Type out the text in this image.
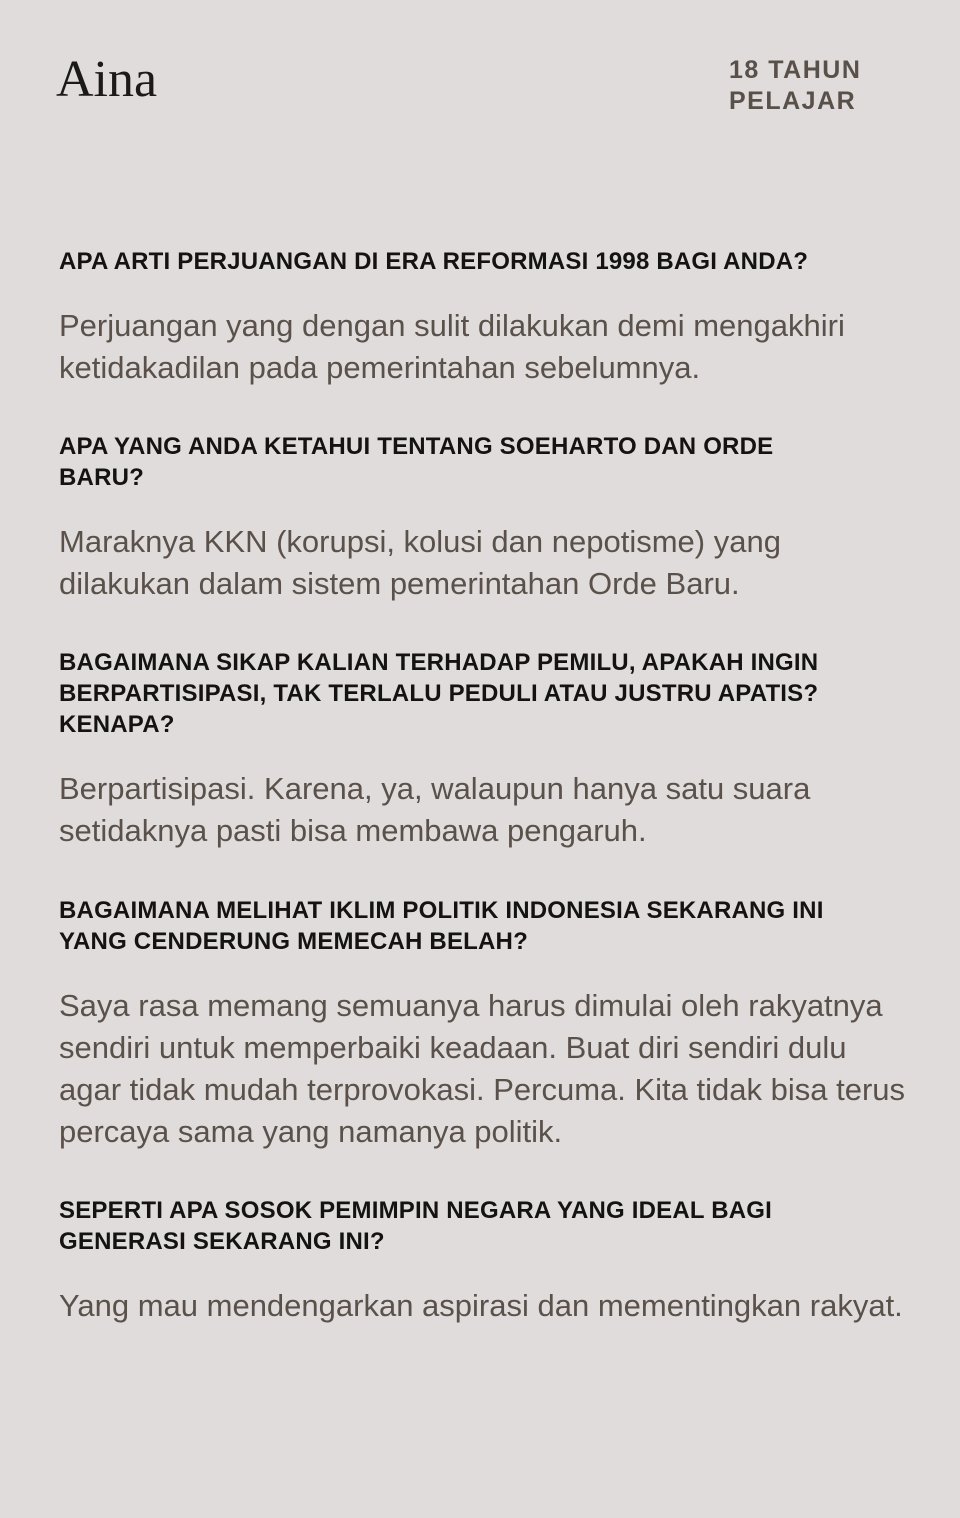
Aina	18 TAHUN
PELAJAR

APA ARTI PERJUANGAN DI ERA REFORMASI 1998 BAGI ANDA?

Perjuangan yang dengan sulit dilakukan demi mengakhiri ketidakadilan pada pemerintahan sebelumnya.

APA YANG ANDA KETAHUI TENTANG SOEHARTO DAN ORDE BARU?

Maraknya KKN (korupsi, kolusi dan nepotisme) yang dilakukan dalam sistem pemerintahan Orde Baru.

BAGAIMANA SIKAP KALIAN TERHADAP PEMILU, APAKAH INGIN BERPARTISIPASI, TAK TERLALU PEDULI ATAU JUSTRU APATIS? KENAPA?

Berpartisipasi. Karena, ya, walaupun hanya satu suara setidaknya pasti bisa membawa pengaruh.

BAGAIMANA MELIHAT IKLIM POLITIK INDONESIA SEKARANG INI YANG CENDERUNG MEMECAH BELAH?

Saya rasa memang semuanya harus dimulai oleh rakyatnya sendiri untuk memperbaiki keadaan. Buat diri sendiri dulu agar tidak mudah terprovokasi. Percuma. Kita tidak bisa terus percaya sama yang namanya politik.

SEPERTI APA SOSOK PEMIMPIN NEGARA YANG IDEAL BAGI GENERASI SEKARANG INI?

Yang mau mendengarkan aspirasi dan mementingkan rakyat.
